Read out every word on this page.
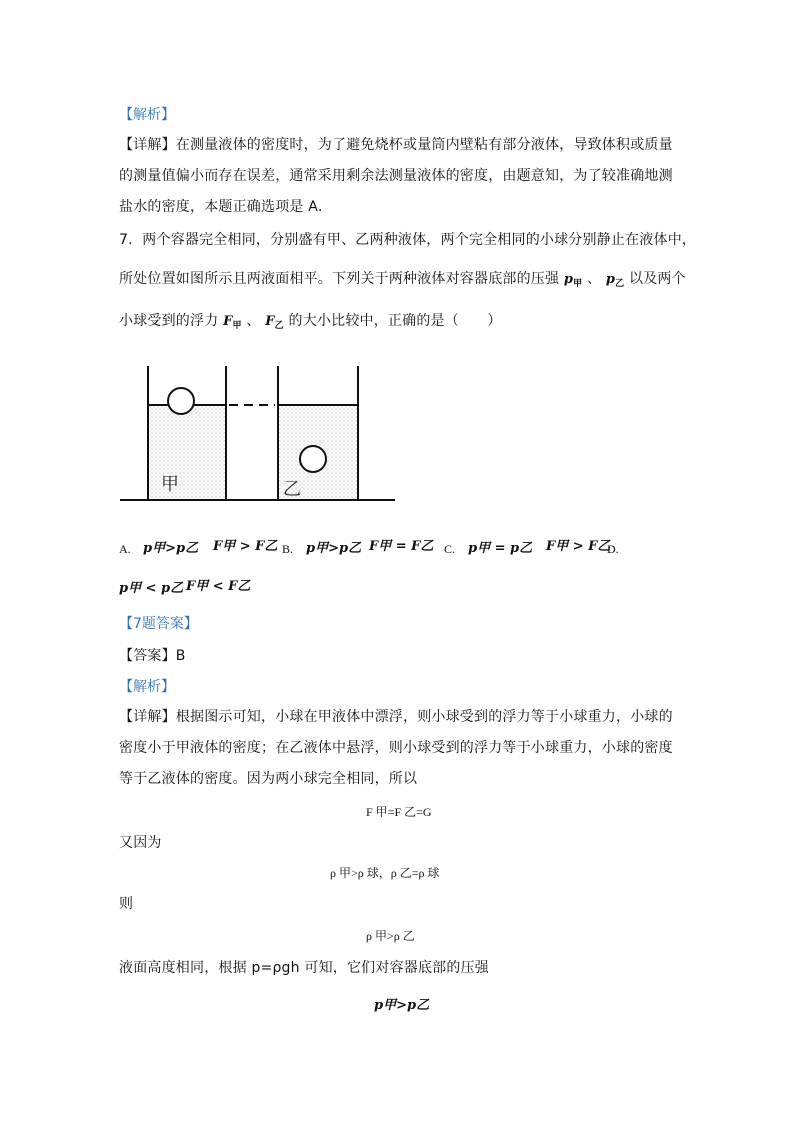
【解析】
【详解】在测量液体的密度时，为了避免烧杯或量筒内壁粘有部分液体，导致体积或质量
的测量值偏小而存在误差，通常采用剩余法测量液体的密度，由题意知，为了较准确地测
盐水的密度，本题正确选项是 A．
7．两个容器完全相同，分别盛有甲、乙两种液体，两个完全相同的小球分别静止在液体中，
所处位置如图所示且两液面相平。下列关于两种液体对容器底部的压强 $p_甲$ 、 $p_乙$ 以及两个
小球受到的浮力 $F_甲$ 、 $F_乙$ 的大小比较中，正确的是（　　）
甲	乙
A. p甲>p乙 F甲 > F乙 B. p甲>p乙 F甲 = F乙 C. p甲 = p乙 F甲 > F乙
D.
p甲 < p乙 F甲 < F乙
【7题答案】
【答案】B
【解析】
【详解】根据图示可知，小球在甲液体中漂浮，则小球受到的浮力等于小球重力，小球的
密度小于甲液体的密度；在乙液体中悬浮，则小球受到的浮力等于小球重力，小球的密度
等于乙液体的密度。因为两小球完全相同，所以
F 甲=F 乙=G
又因为
ρ 甲>ρ 球，ρ 乙=ρ 球
则
ρ 甲>ρ 乙
液面高度相同，根据 p=ρgh 可知，它们对容器底部的压强
p甲>p乙
